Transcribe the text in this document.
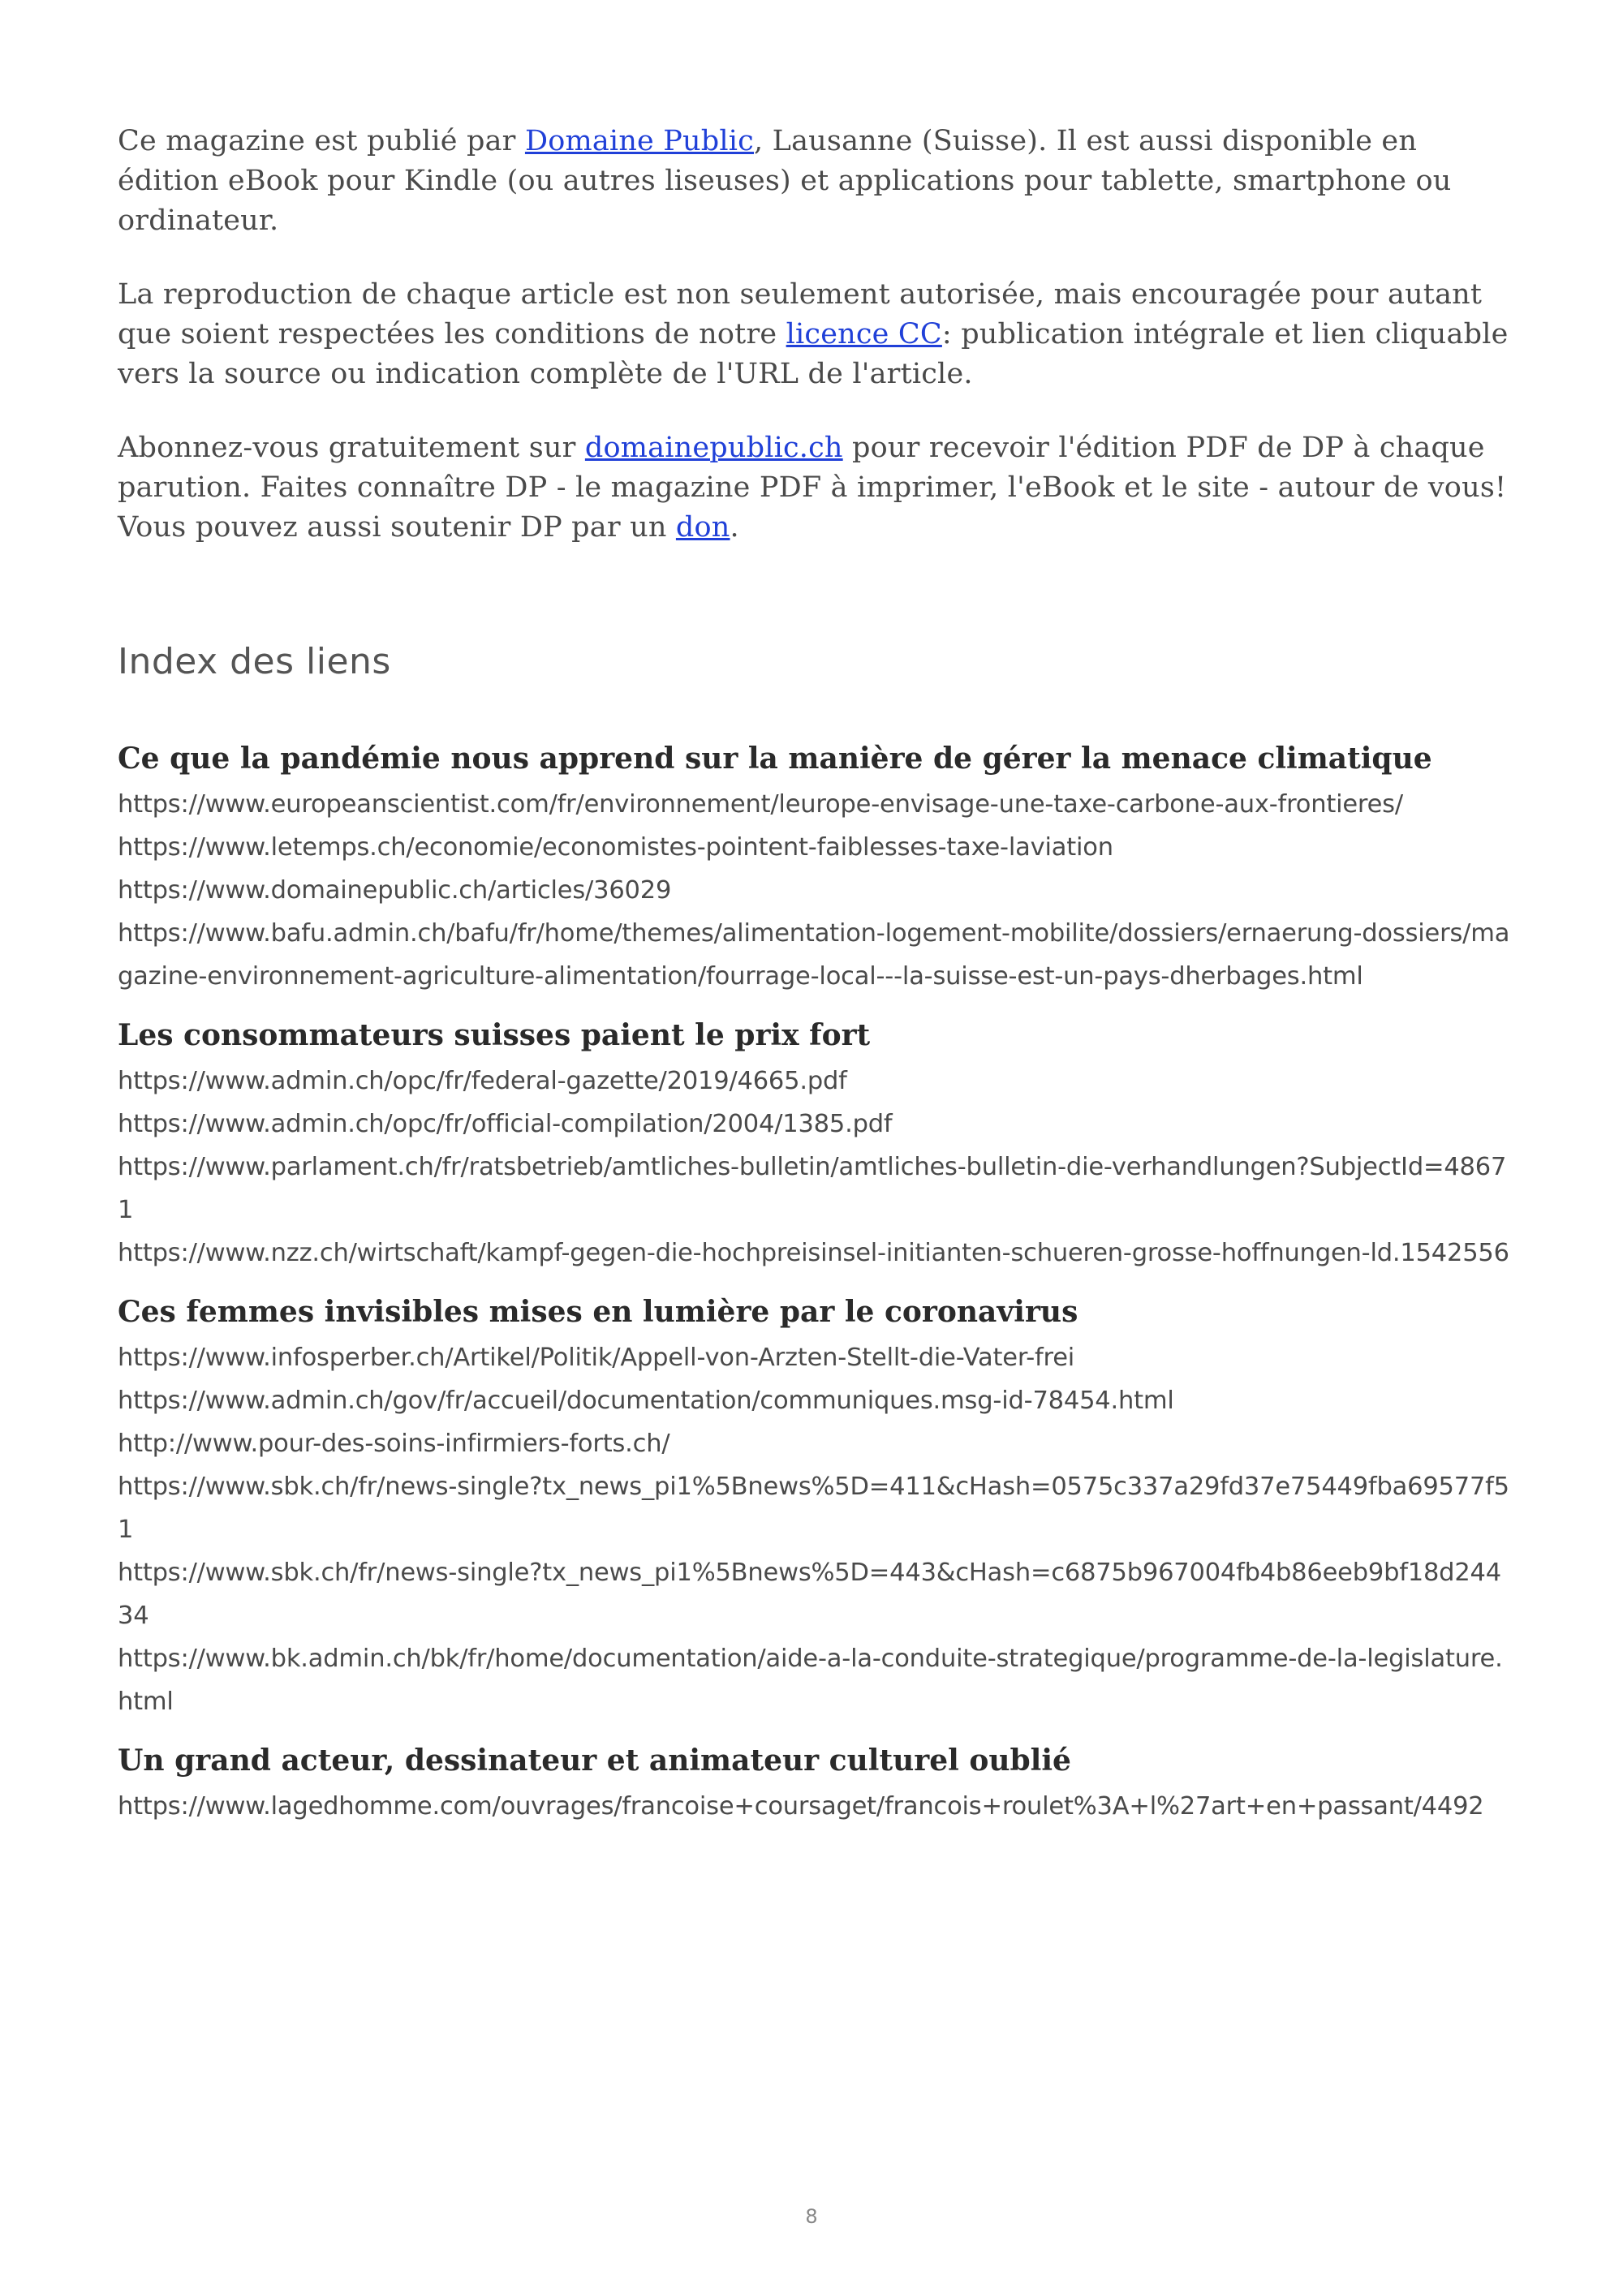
Ce magazine est publié par Domaine Public, Lausanne (Suisse). Il est aussi disponible en édition eBook pour Kindle (ou autres liseuses) et applications pour tablette, smartphone ou ordinateur.

La reproduction de chaque article est non seulement autorisée, mais encouragée pour autant que soient respectées les conditions de notre licence CC: publication intégrale et lien cliquable vers la source ou indication complète de l'URL de l'article.

Abonnez-vous gratuitement sur domainepublic.ch pour recevoir l'édition PDF de DP à chaque parution. Faites connaître DP - le magazine PDF à imprimer, l'eBook et le site - autour de vous! Vous pouvez aussi soutenir DP par un don.

Index des liens
Ce que la pandémie nous apprend sur la manière de gérer la menace climatique

https://www.europeanscientist.com/fr/environnement/leurope-envisage-une-taxe-carbone-aux-frontieres/

https://www.letemps.ch/economie/economistes-pointent-faiblesses-taxe-laviation

https://www.domainepublic.ch/articles/36029

https://www.bafu.admin.ch/bafu/fr/home/themes/alimentation-logement-mobilite/dossiers/ernaerung-dossiers/magazine-environnement-agriculture-alimentation/fourrage-local---la-suisse-est-un-pays-dherbages.html

Les consommateurs suisses paient le prix fort

https://www.admin.ch/opc/fr/federal-gazette/2019/4665.pdf

https://www.admin.ch/opc/fr/official-compilation/2004/1385.pdf

https://www.parlament.ch/fr/ratsbetrieb/amtliches-bulletin/amtliches-bulletin-die-verhandlungen?SubjectId=48671

https://www.nzz.ch/wirtschaft/kampf-gegen-die-hochpreisinsel-initianten-schueren-grosse-hoffnungen-ld.1542556

Ces femmes invisibles mises en lumière par le coronavirus

https://www.infosperber.ch/Artikel/Politik/Appell-von-Arzten-Stellt-die-Vater-frei

https://www.admin.ch/gov/fr/accueil/documentation/communiques.msg-id-78454.html

http://www.pour-des-soins-infirmiers-forts.ch/

https://www.sbk.ch/fr/news-single?tx_news_pi1%5Bnews%5D=411&cHash=0575c337a29fd37e75449fba69577f51

https://www.sbk.ch/fr/news-single?tx_news_pi1%5Bnews%5D=443&cHash=c6875b967004fb4b86eeb9bf18d24434

https://www.bk.admin.ch/bk/fr/home/documentation/aide-a-la-conduite-strategique/programme-de-la-legislature.html

Un grand acteur, dessinateur et animateur culturel oublié

https://www.lagedhomme.com/ouvrages/francoise+coursaget/francois+roulet%3A+l%27art+en+passant/4492

8
